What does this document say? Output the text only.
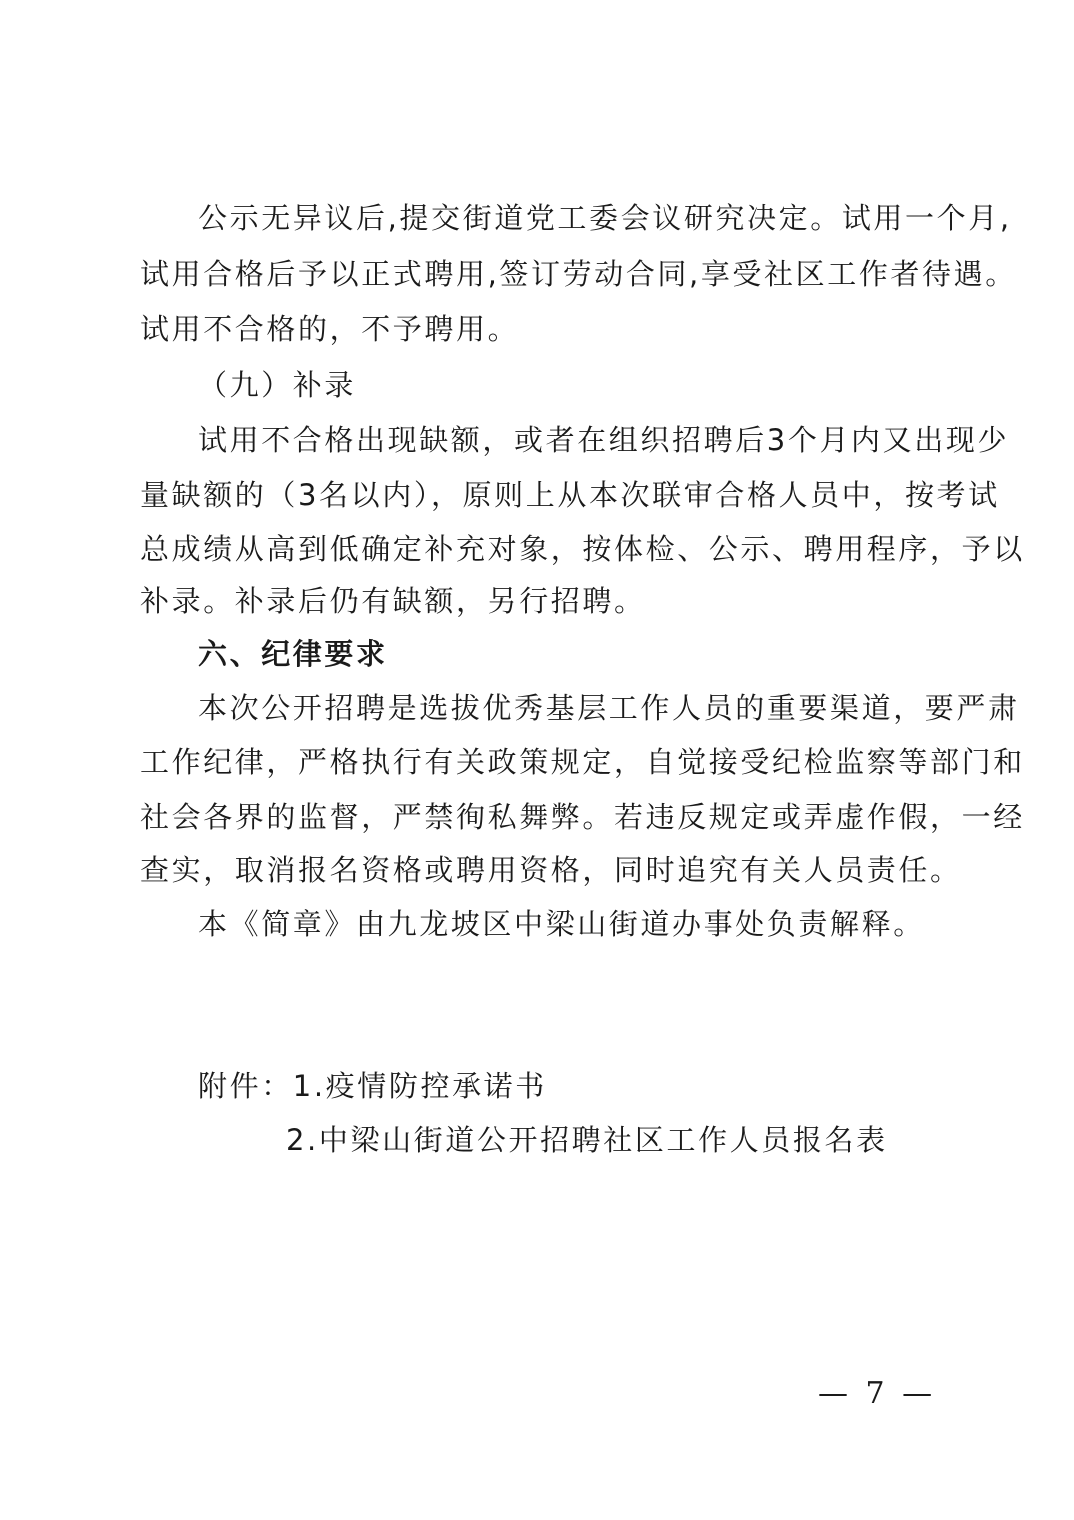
公示无异议后,提交街道党工委会议研究决定。试用一个月,
试用合格后予以正式聘用,签订劳动合同,享受社区工作者待遇。
试用不合格的，不予聘用。
（九）补录
试用不合格出现缺额，或者在组织招聘后3个月内又出现少
量缺额的（3名以内），原则上从本次联审合格人员中，按考试
总成绩从高到低确定补充对象，按体检、公示、聘用程序，予以
补录。补录后仍有缺额，另行招聘。
六、纪律要求
本次公开招聘是选拔优秀基层工作人员的重要渠道，要严肃
工作纪律，严格执行有关政策规定，自觉接受纪检监察等部门和
社会各界的监督，严禁徇私舞弊。若违反规定或弄虚作假，一经
查实，取消报名资格或聘用资格，同时追究有关人员责任。
本《简章》由九龙坡区中梁山街道办事处负责解释。
附件：1.疫情防控承诺书
2.中梁山街道公开招聘社区工作人员报名表
— 7 —
